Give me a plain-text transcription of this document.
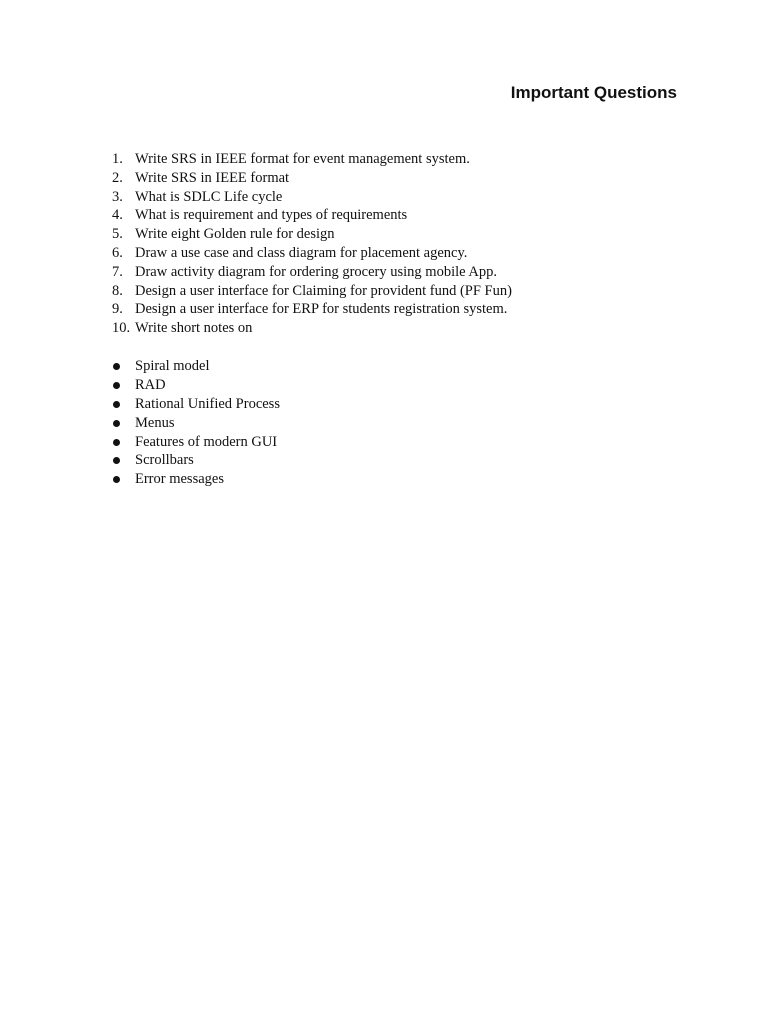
Important Questions
1. Write SRS in IEEE format for event management system.
2. Write SRS in IEEE format
3. What is SDLC Life cycle
4. What is requirement and types of requirements
5. Write eight Golden rule for design
6. Draw a use case and class diagram for placement agency.
7. Draw activity diagram for ordering grocery using mobile App.
8. Design a user interface for Claiming for provident fund (PF Fun)
9. Design a user interface for ERP for students registration system.
10. Write short notes on
Spiral model
RAD
Rational Unified Process
Menus
Features of modern GUI
Scrollbars
Error messages
